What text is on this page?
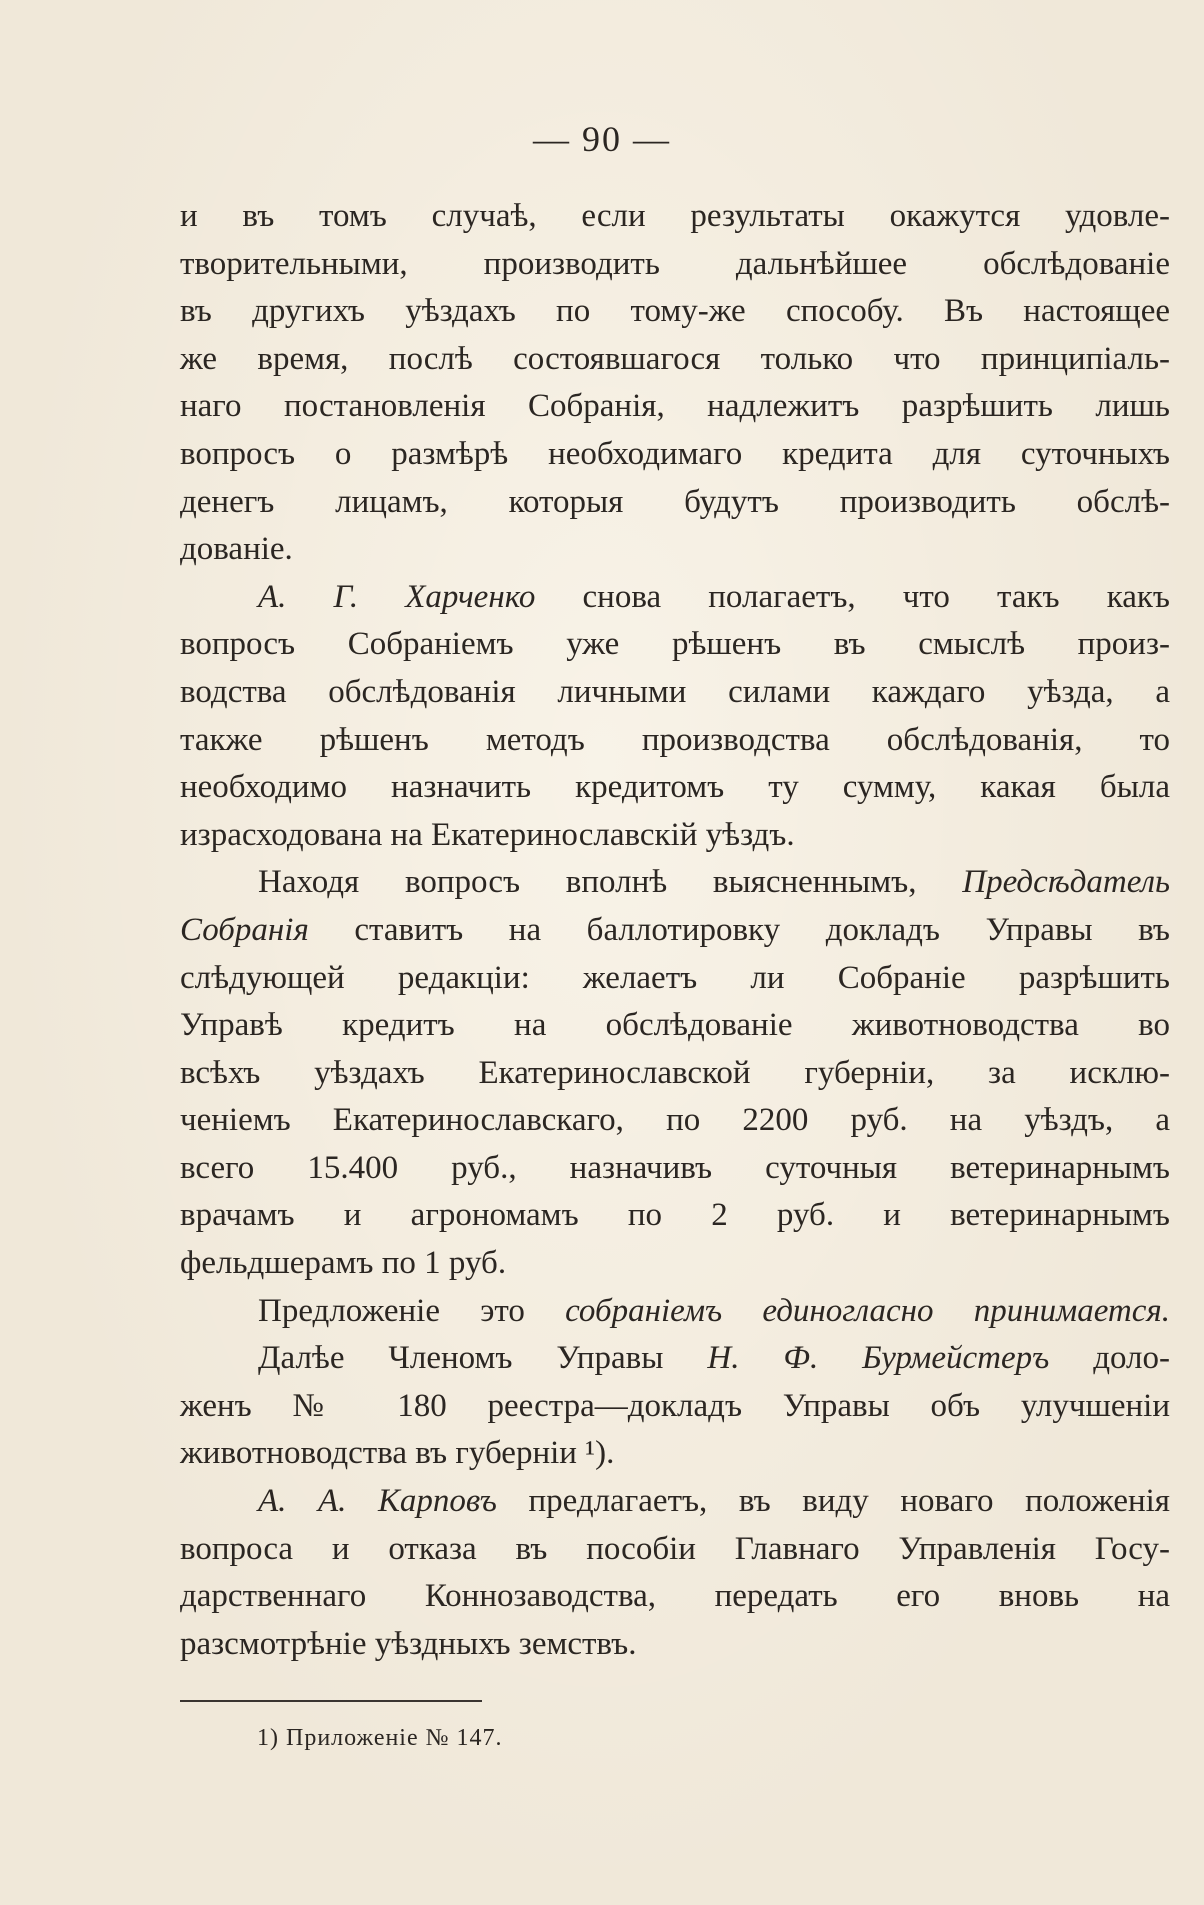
— 90 —
и въ томъ случаѣ, если результаты окажутся удовле-
творительными, производить дальнѣйшее обслѣдованіе
въ другихъ уѣздахъ по тому-же способу. Въ настоящее
же время, послѣ состоявшагося только что принципіаль-
наго постановленія Собранія, надлежитъ разрѣшить лишь
вопросъ о размѣрѣ необходимаго кредита для суточныхъ
денегъ лицамъ, которыя будутъ производить обслѣ-
дованіе.
А. Г. Харченко снова полагаетъ, что такъ какъ
вопросъ Собраніемъ уже рѣшенъ въ смыслѣ произ-
водства обслѣдованія личными силами каждаго уѣзда, а
также рѣшенъ методъ производства обслѣдованія, то
необходимо назначить кредитомъ ту сумму, какая была
израсходована на Екатеринославскій уѣздъ.
Находя вопросъ вполнѣ выясненнымъ, Предсѣдатель
Собранія ставитъ на баллотировку докладъ Управы въ
слѣдующей редакціи: желаетъ ли Собраніе разрѣшить
Управѣ кредитъ на обслѣдованіе животноводства во
всѣхъ уѣздахъ Екатеринославской губерніи, за исклю-
ченіемъ Екатеринославскаго, по 2200 руб. на уѣздъ, а
всего 15.400 руб., назначивъ суточныя ветеринарнымъ
врачамъ и агрономамъ по 2 руб. и ветеринарнымъ
фельдшерамъ по 1 руб.
Предложеніе это собраніемъ единогласно принимается.
Далѣе Членомъ Управы Н. Ф. Бурмейстеръ доло-
женъ № 180 реестра—докладъ Управы объ улучшеніи
животноводства въ губерніи ¹).
А. А. Карповъ предлагаетъ, въ виду новаго положенія
вопроса и отказа въ пособіи Главнаго Управленія Госу-
дарственнаго Коннозаводства, передать его вновь на
разсмотрѣніе уѣздныхъ земствъ.
1) Приложеніе № 147.
